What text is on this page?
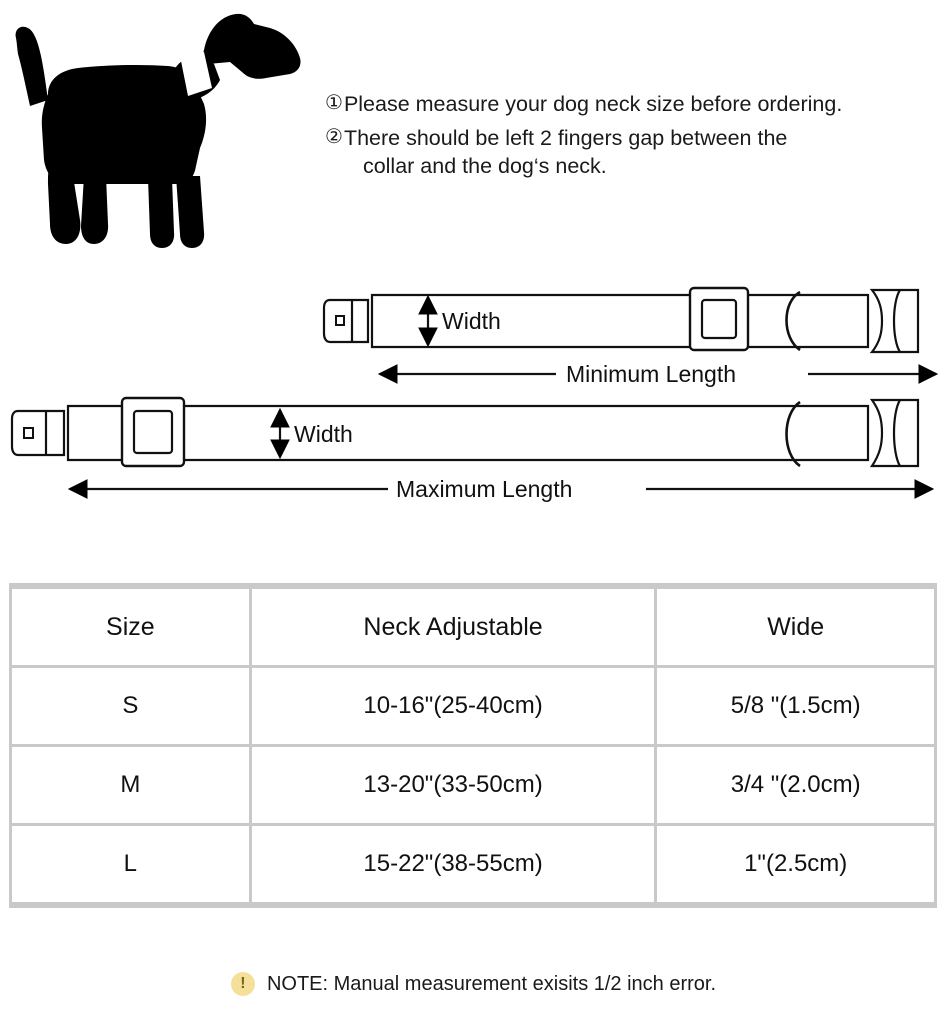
① Please measure your dog neck size before ordering.
② There should be left 2 fingers gap between the
collar and the dog‘s neck.
Width
Minimum Length
Width
Maximum Length
Size	Neck Adjustable	Wide
S	10-16"(25-40cm)	5/8 "(1.5cm)
M	13-20"(33-50cm)	3/4 "(2.0cm)
L	15-22"(38-55cm)	1"(2.5cm)
!	NOTE: Manual measurement exisits 1/2 inch error.
